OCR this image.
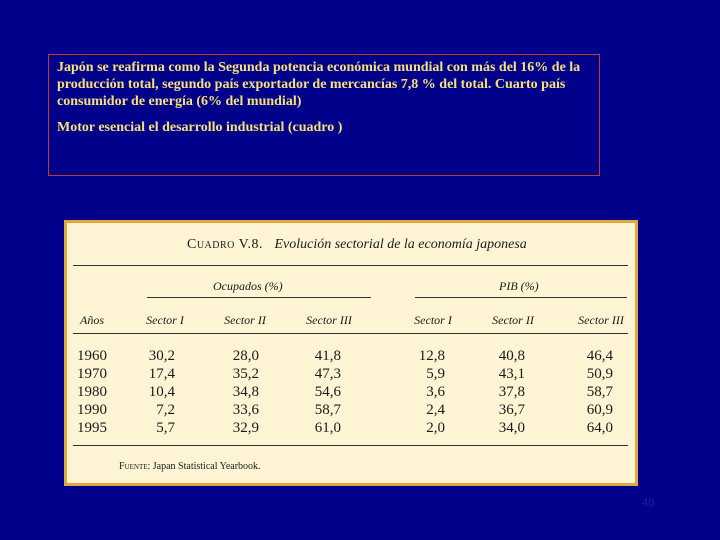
Japón se reafirma como la Segunda potencia económica mundial con más del 16% de la producción total, segundo país exportador de mercancías 7,8 % del total. Cuarto país consumidor de energía (6% del mundial)

Motor esencial el desarrollo industrial (cuadro )

Cuadro V.8. Evolución sectorial de la economía japonesa
Ocupados (%)	PIB (%)
Años	Sector I	Sector II	Sector III	Sector I	Sector II	Sector III
1960	30,2	28,0	41,8	12,8	40,8	46,4
1970	17,4	35,2	47,3	5,9	43,1	50,9
1980	10,4	34,8	54,6	3,6	37,8	58,7
1990	7,2	33,6	58,7	2,4	36,7	60,9
1995	5,7	32,9	61,0	2,0	34,0	64,0
Fuente: Japan Statistical Yearbook.
40
